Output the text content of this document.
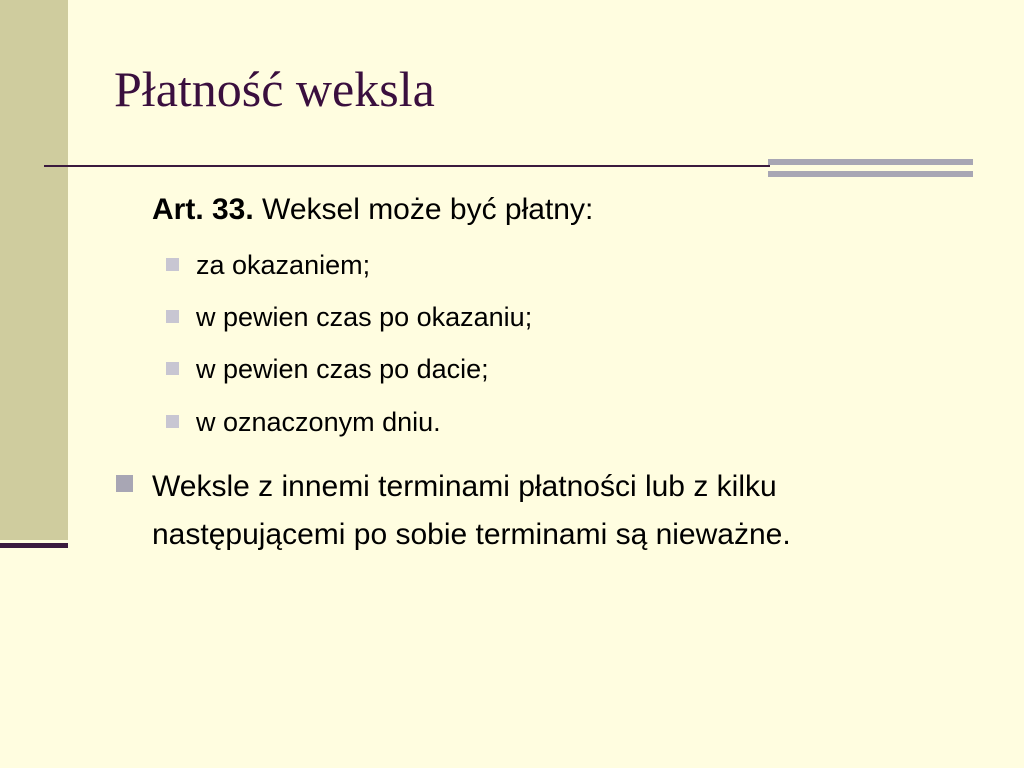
Płatność weksla
Art. 33. Weksel może być płatny:
za okazaniem;
w pewien czas po okazaniu;
w pewien czas po dacie;
w oznaczonym dniu.
Weksle z innemi terminami płatności lub z kilku następującemi po sobie terminami są nieważne.
